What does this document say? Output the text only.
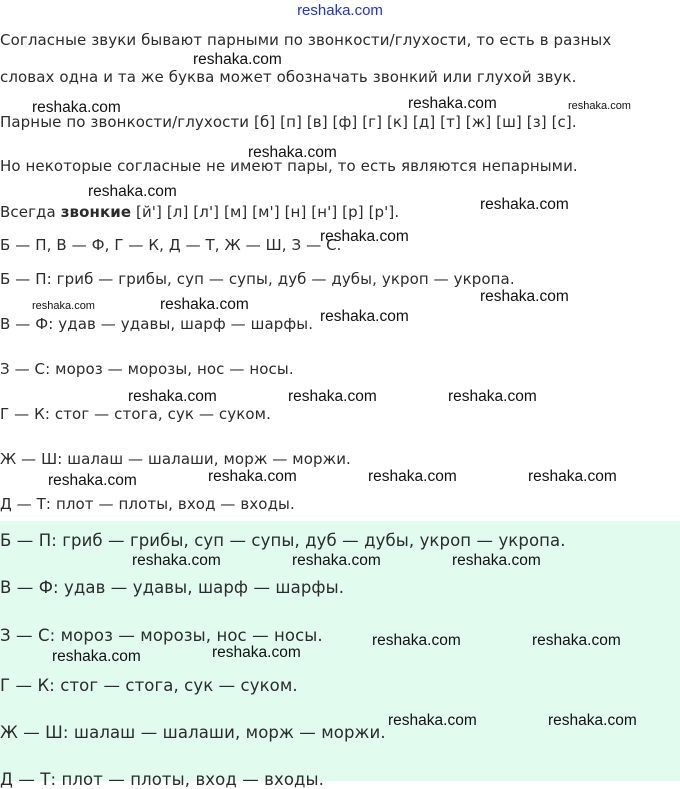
reshaka.com
Согласные звуки бывают парными по звонкости/глухости, то есть в разных
словах одна и та же буква может обозначать звонкий или глухой звук.
Парные по звонкости/глухости [б] [п] [в] [ф] [г] [к] [д] [т] [ж] [ш] [з] [с].
Но некоторые согласные не имеют пары, то есть являются непарными.
Всегда звонкие [й'] [л] [л'] [м] [м'] [н] [н'] [р] [р'].
Б — П, В — Ф, Г — К, Д — Т, Ж — Ш, З — С.
Б — П: гриб — грибы, суп — супы, дуб — дубы, укроп — укропа.
В — Ф: удав — удавы, шарф — шарфы.
З — С: мороз — морозы, нос — носы.
Г — К: стог — стога, сук — суком.
Ж — Ш: шалаш — шалаши, морж — моржи.
Д — Т: плот — плоты, вход — входы.
Б — П: гриб — грибы, суп — супы, дуб — дубы, укроп — укропа.
В — Ф: удав — удавы, шарф — шарфы.
З — С: мороз — морозы, нос — носы.
Г — К: стог — стога, сук — суком.
Ж — Ш: шалаш — шалаши, морж — моржи.
Д — Т: плот — плоты, вход — входы.
reshaka.com
reshaka.com	reshaka.com	reshaka.com
reshaka.com
reshaka.com
reshaka.com
reshaka.com
reshaka.com	reshaka.com	reshaka.com
reshaka.com
reshaka.com	reshaka.com	reshaka.com
reshaka.com	reshaka.com	reshaka.com	reshaka.com
reshaka.com	reshaka.com	reshaka.com
reshaka.com	reshaka.com
reshaka.com	reshaka.com
reshaka.com	reshaka.com
